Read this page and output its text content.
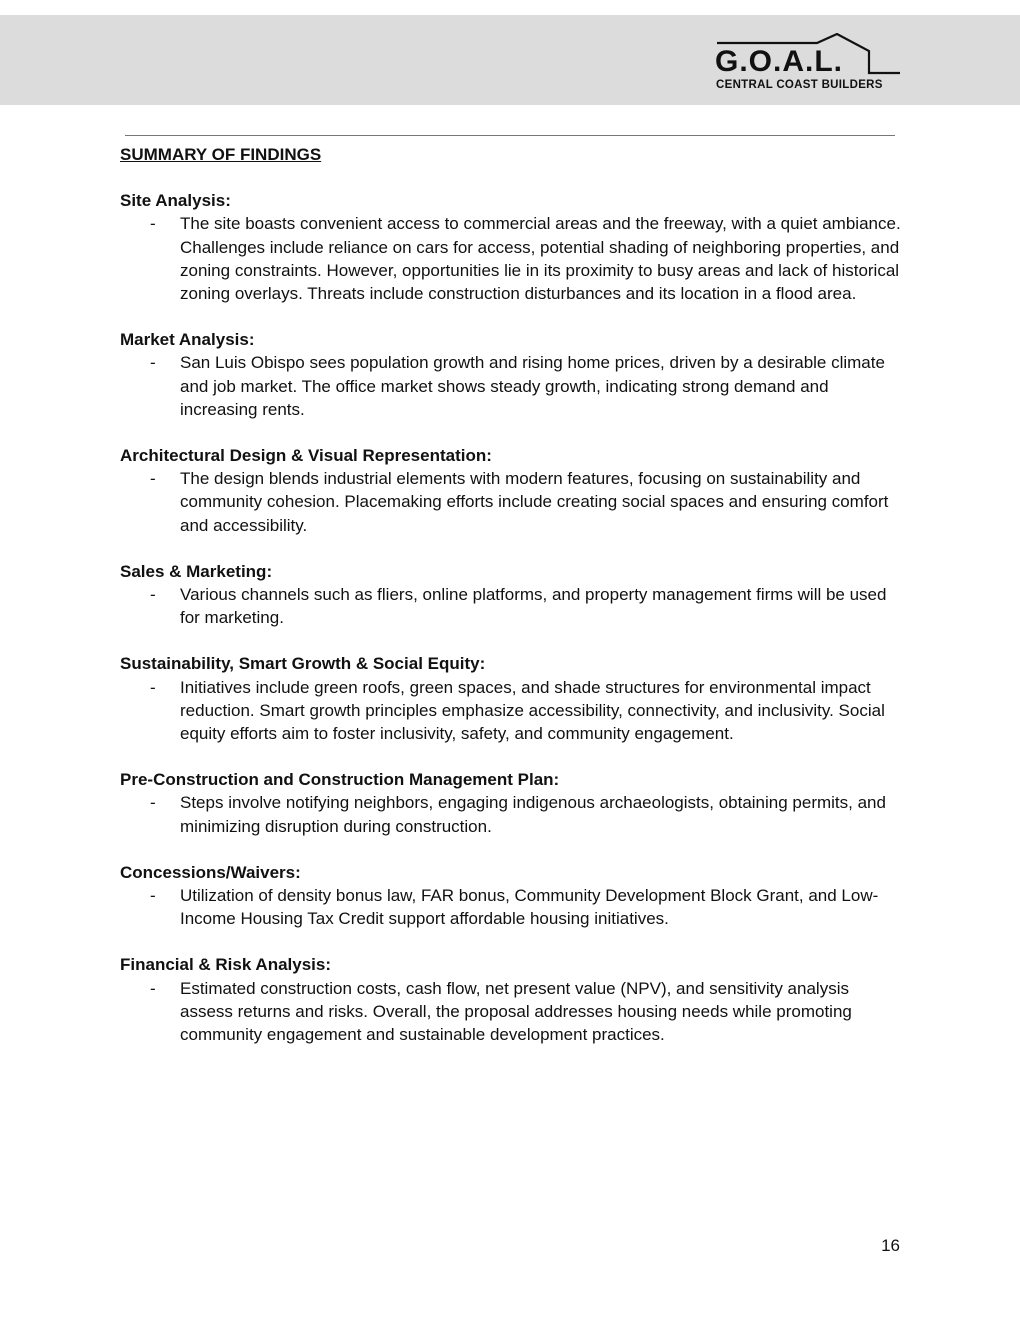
G.O.A.L.
CENTRAL COAST BUILDERS
SUMMARY OF FINDINGS
Site Analysis:
- The site boasts convenient access to commercial areas and the freeway, with a quiet ambiance. Challenges include reliance on cars for access, potential shading of neighboring properties, and zoning constraints. However, opportunities lie in its proximity to busy areas and lack of historical zoning overlays. Threats include construction disturbances and its location in a flood area.
Market Analysis:
- San Luis Obispo sees population growth and rising home prices, driven by a desirable climate and job market. The office market shows steady growth, indicating strong demand and increasing rents.
Architectural Design & Visual Representation:
- The design blends industrial elements with modern features, focusing on sustainability and community cohesion. Placemaking efforts include creating social spaces and ensuring comfort and accessibility.
Sales & Marketing:
- Various channels such as fliers, online platforms, and property management firms will be used for marketing.
Sustainability, Smart Growth & Social Equity:
- Initiatives include green roofs, green spaces, and shade structures for environmental impact reduction. Smart growth principles emphasize accessibility, connectivity, and inclusivity. Social equity efforts aim to foster inclusivity, safety, and community engagement.
Pre-Construction and Construction Management Plan:
- Steps involve notifying neighbors, engaging indigenous archaeologists, obtaining permits, and minimizing disruption during construction.
Concessions/Waivers:
- Utilization of density bonus law, FAR bonus, Community Development Block Grant, and Low-Income Housing Tax Credit support affordable housing initiatives.
Financial & Risk Analysis:
- Estimated construction costs, cash flow, net present value (NPV), and sensitivity analysis assess returns and risks. Overall, the proposal addresses housing needs while promoting community engagement and sustainable development practices.
16
